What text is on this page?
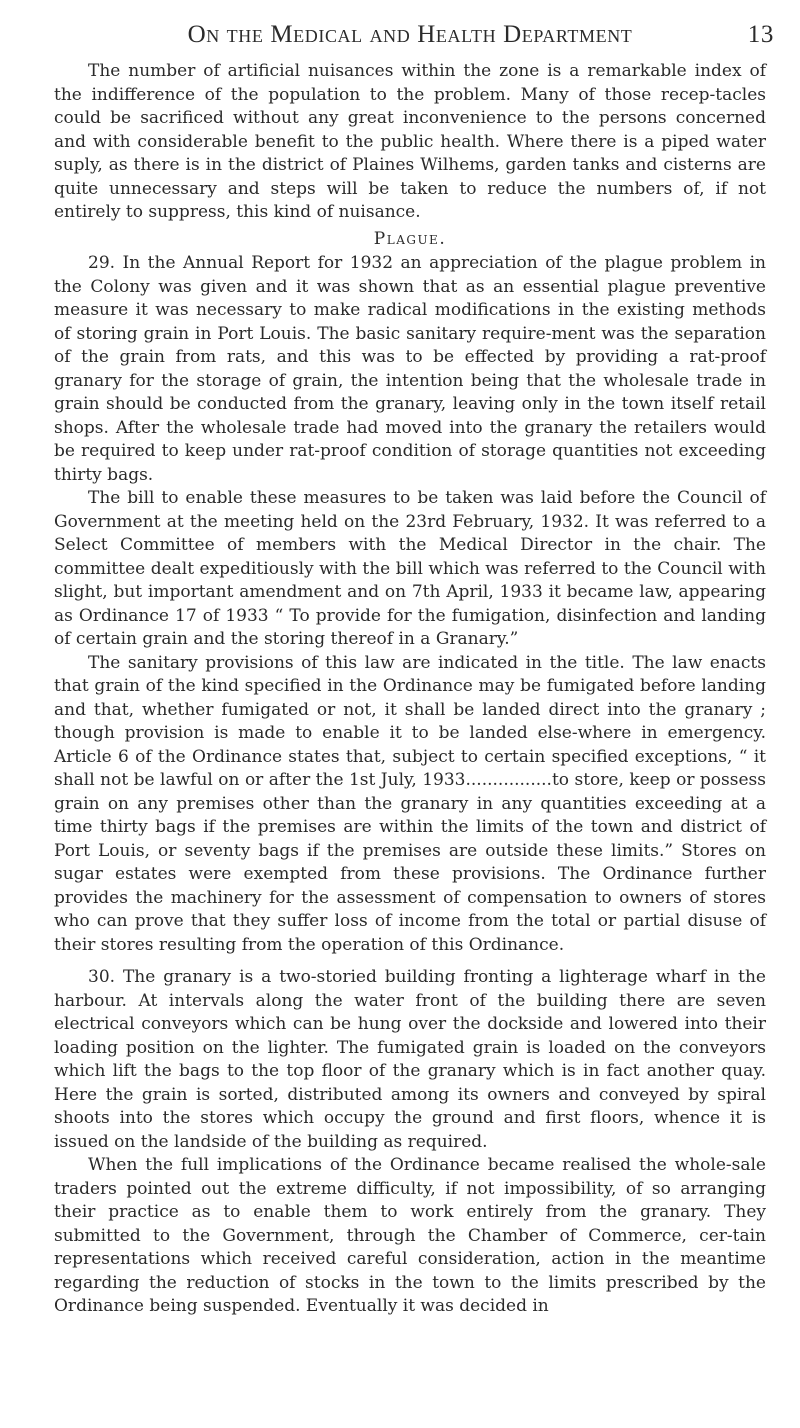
On the Medical and Health Department	13

The number of artificial nuisances within the zone is a remarkable index of the indifference of the population to the problem. Many of those recep-tacles could be sacrificed without any great inconvenience to the persons concerned and with considerable benefit to the public health. Where there is a piped water suply, as there is in the district of Plaines Wilhems, garden tanks and cisterns are quite unnecessary and steps will be taken to reduce the numbers of, if not entirely to suppress, this kind of nuisance.

Plague.

29. In the Annual Report for 1932 an appreciation of the plague problem in the Colony was given and it was shown that as an essential plague preventive measure it was necessary to make radical modifications in the existing methods of storing grain in Port Louis. The basic sanitary require-ment was the separation of the grain from rats, and this was to be effected by providing a rat-proof granary for the storage of grain, the intention being that the wholesale trade in grain should be conducted from the granary, leaving only in the town itself retail shops. After the wholesale trade had moved into the granary the retailers would be required to keep under rat-proof condition of storage quantities not exceeding thirty bags.

The bill to enable these measures to be taken was laid before the Council of Government at the meeting held on the 23rd February, 1932. It was referred to a Select Committee of members with the Medical Director in the chair. The committee dealt expeditiously with the bill which was referred to the Council with slight, but important amendment and on 7th April, 1933 it became law, appearing as Ordinance 17 of 1933 “ To provide for the fumigation, disinfection and landing of certain grain and the storing thereof in a Granary.”

The sanitary provisions of this law are indicated in the title. The law enacts that grain of the kind specified in the Ordinance may be fumigated before landing and that, whether fumigated or not, it shall be landed direct into the granary ; though provision is made to enable it to be landed else-where in emergency. Article 6 of the Ordinance states that, subject to certain specified exceptions, “ it shall not be lawful on or after the 1st July, 1933................to store, keep or possess grain on any premises other than the granary in any quantities exceeding at a time thirty bags if the premises are within the limits of the town and district of Port Louis, or seventy bags if the premises are outside these limits.” Stores on sugar estates were exempted from these provisions. The Ordinance further provides the machinery for the assessment of compensation to owners of stores who can prove that they suffer loss of income from the total or partial disuse of their stores resulting from the operation of this Ordinance.

30. The granary is a two-storied building fronting a lighterage wharf in the harbour. At intervals along the water front of the building there are seven electrical conveyors which can be hung over the dockside and lowered into their loading position on the lighter. The fumigated grain is loaded on the conveyors which lift the bags to the top floor of the granary which is in fact another quay. Here the grain is sorted, distributed among its owners and conveyed by spiral shoots into the stores which occupy the ground and first floors, whence it is issued on the landside of the building as required.

When the full implications of the Ordinance became realised the whole-sale traders pointed out the extreme difficulty, if not impossibility, of so arranging their practice as to enable them to work entirely from the granary. They submitted to the Government, through the Chamber of Commerce, cer-tain representations which received careful consideration, action in the meantime regarding the reduction of stocks in the town to the limits prescribed by the Ordinance being suspended. Eventually it was decided in
